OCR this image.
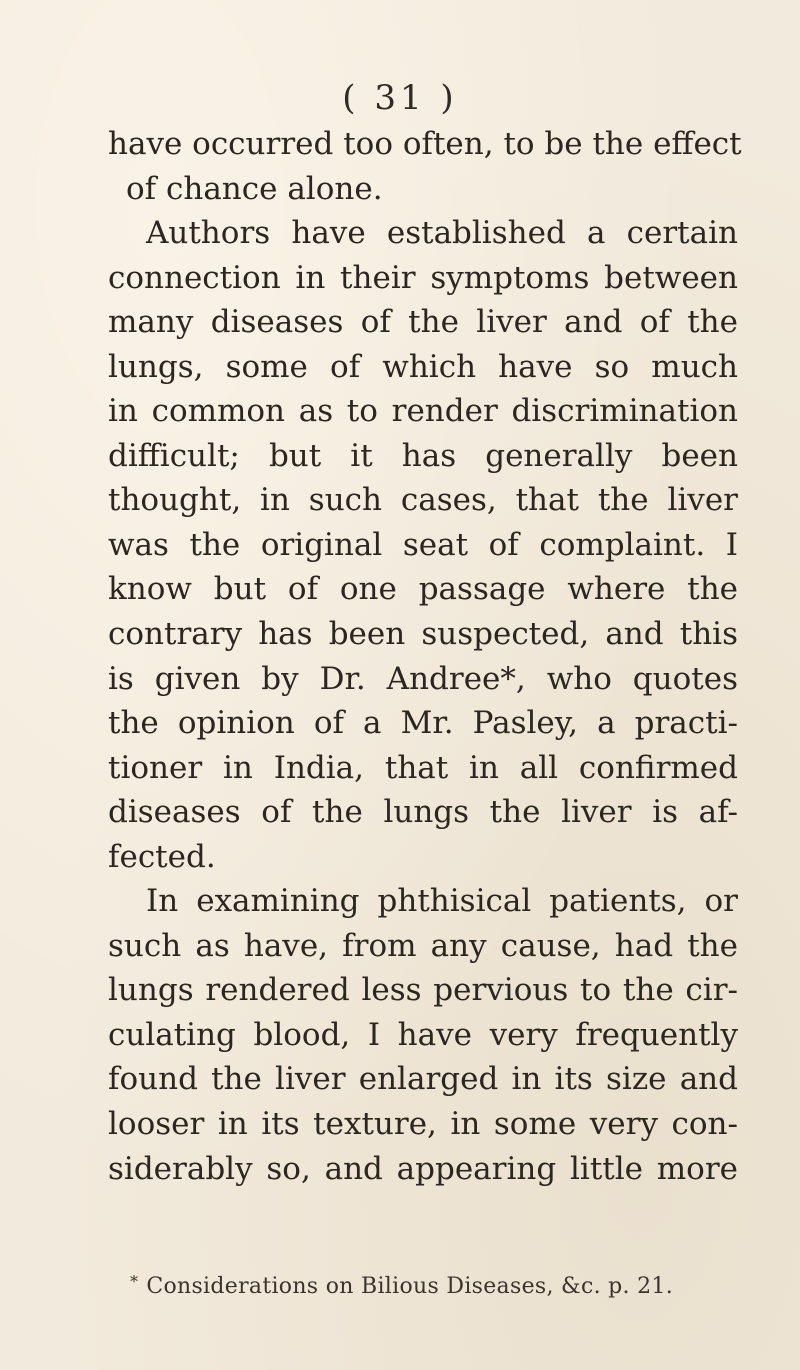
( 31 )
have occurred too often, to be the effect
of chance alone.
Authors have established a certain
connection in their symptoms between
many diseases of the liver and of the
lungs, some of which have so much
in common as to render discrimination
difficult; but it has generally been
thought, in such cases, that the liver
was the original seat of complaint. I
know but of one passage where the
contrary has been suspected, and this
is given by Dr. Andree*, who quotes
the opinion of a Mr. Pasley, a practi-
tioner in India, that in all confirmed
diseases of the lungs the liver is af-
fected.
In examining phthisical patients, or
such as have, from any cause, had the
lungs rendered less pervious to the cir-
culating blood, I have very frequently
found the liver enlarged in its size and
looser in its texture, in some very con-
siderably so, and appearing little more
* Considerations on Bilious Diseases, &c. p. 21.
